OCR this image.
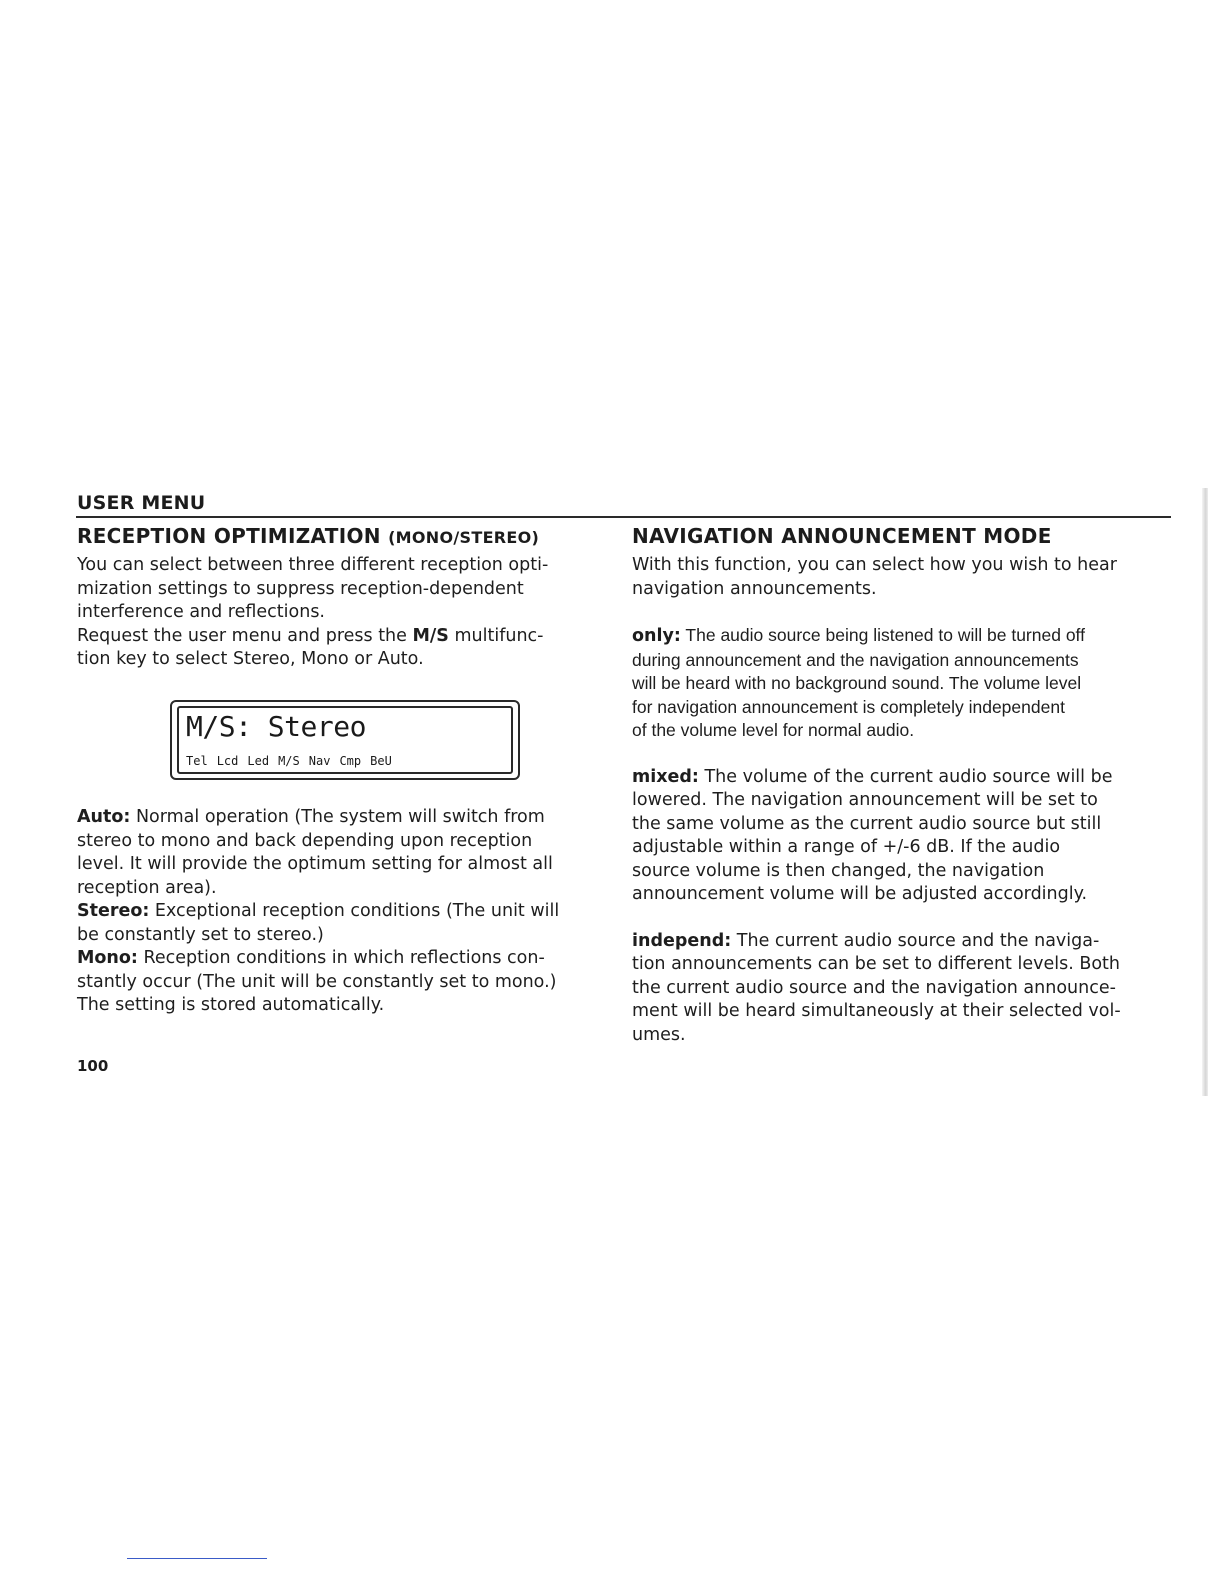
USER MENU
RECEPTION OPTIMIZATION (MONO/STEREO)

You can select between three different reception opti-
mization settings to suppress reception-dependent
interference and reflections.
Request the user menu and press the M/S multifunc-
tion key to select Stereo, Mono or Auto.

M/S: Stereo
Tel Lcd Led M/S Nav Cmp BeU

Auto: Normal operation (The system will switch from
stereo to mono and back depending upon reception
level. It will provide the optimum setting for almost all
reception area).
Stereo: Exceptional reception conditions (The unit will
be constantly set to stereo.)
Mono: Reception conditions in which reflections con-
stantly occur (The unit will be constantly set to mono.)
The setting is stored automatically.

NAVIGATION ANNOUNCEMENT MODE

With this function, you can select how you wish to hear
navigation announcements.

only: The audio source being listened to will be turned off
during announcement and the navigation announcements
will be heard with no background sound. The volume level
for navigation announcement is completely independent
of the volume level for normal audio.

mixed: The volume of the current audio source will be
lowered. The navigation announcement will be set to
the same volume as the current audio source but still
adjustable within a range of +/-6 dB. If the audio
source volume is then changed, the navigation
announcement volume will be adjusted accordingly.

independ: The current audio source and the naviga-
tion announcements can be set to different levels. Both
the current audio source and the navigation announce-
ment will be heard simultaneously at their selected vol-
umes.

100
